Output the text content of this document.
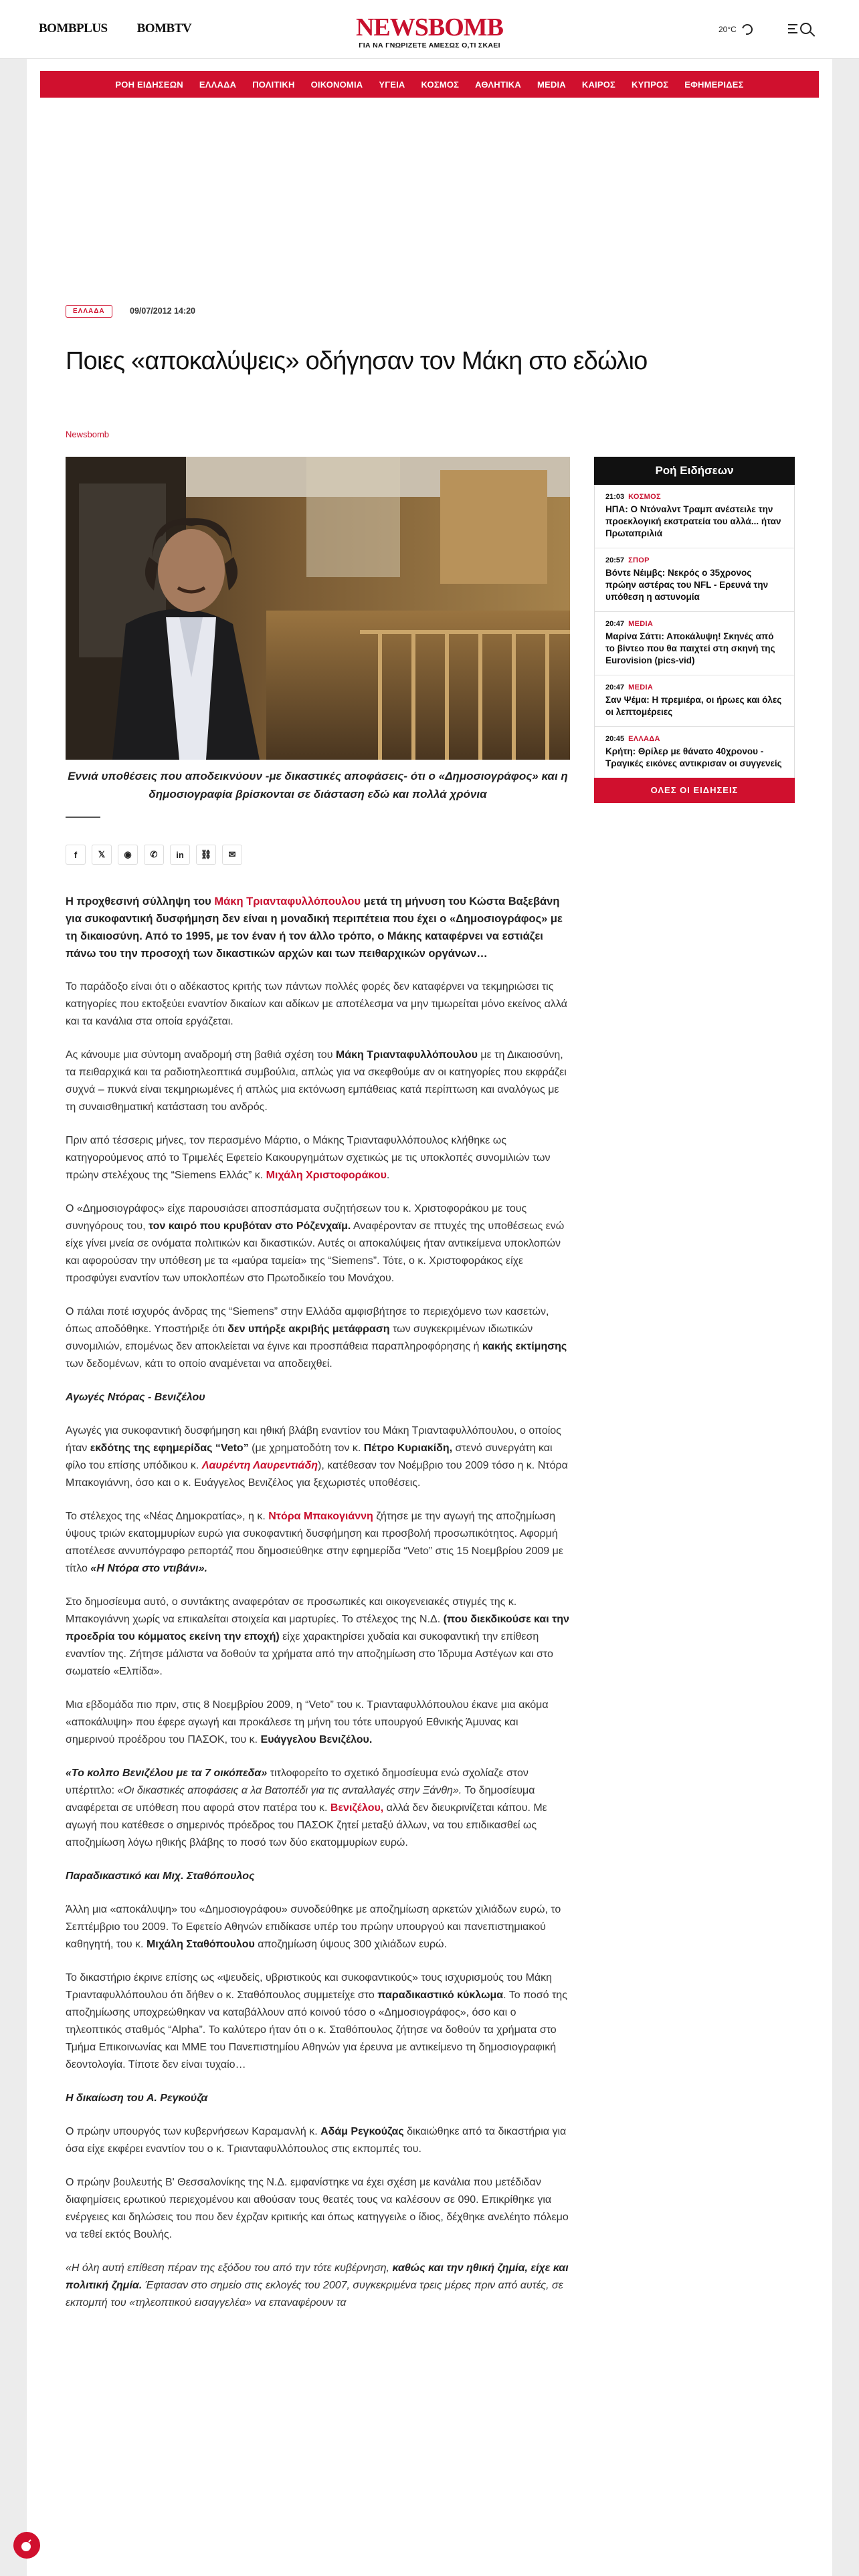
BOMBPLUS BOMBTV	NEWSBOMB
ΓΙΑ ΝΑ ΓΝΩΡΙΖΕΤΕ ΑΜΕΣΩΣ Ο,ΤΙ ΣΚΑΕΙ
20°C
ΡΟΗ ΕΙΔΗΣΕΩΝ	ΕΛΛΑΔΑ	ΠΟΛΙΤΙΚΗ	ΟΙΚΟΝΟΜΙΑ	ΥΓΕΙΑ	ΚΟΣΜΟΣ	ΑΘΛΗΤΙΚΑ	MEDIA	ΚΑΙΡΟΣ	ΚΥΠΡΟΣ	ΕΦΗΜΕΡΙΔΕΣ
ΕΛΛΑΔΑ	09/07/2012 14:20
Ποιες «αποκαλύψεις» οδήγησαν τον Μάκη στο εδώλιο
Newsbomb

Εννιά υποθέσεις που αποδεικνύουν -με δικαστικές αποφάσεις- ότι ο «Δημοσιογράφος» και η δημοσιογραφία βρίσκονται σε διάσταση εδώ και πολλά χρόνια

f	𝕏	◉	✆	in	⛓	✉

Η προχθεσινή σύλληψη του Μάκη Τριανταφυλλόπουλου μετά τη μήνυση του Κώστα Βαξεβάνη για συκοφαντική δυσφήμηση δεν είναι η μοναδική περιπέτεια που έχει ο «Δημοσιογράφος» με τη δικαιοσύνη. Από το 1995, με τον έναν ή τον άλλο τρόπο, ο Μάκης καταφέρνει να εστιάζει πάνω του την προσοχή των δικαστικών αρχών και των πειθαρχικών οργάνων…

Το παράδοξο είναι ότι ο αδέκαστος κριτής των πάντων πολλές φορές δεν καταφέρνει να τεκμηριώσει τις κατηγορίες που εκτοξεύει εναντίον δικαίων και αδίκων με αποτέλεσμα να μην τιμωρείται μόνο εκείνος αλλά και τα κανάλια στα οποία εργάζεται.

Ας κάνουμε μια σύντομη αναδρομή στη βαθιά σχέση του Μάκη Τριανταφυλλόπουλου με τη Δικαιοσύνη, τα πειθαρχικά και τα ραδιοτηλεοπτικά συμβούλια, απλώς για να σκεφθούμε αν οι κατηγορίες που εκφράζει συχνά – πυκνά είναι τεκμηριωμένες ή απλώς μια εκτόνωση εμπάθειας κατά περίπτωση και αναλόγως με τη συναισθηματική κατάσταση του ανδρός.

Πριν από τέσσερις μήνες, τον περασμένο Μάρτιο, ο Μάκης Τριανταφυλλόπουλος κλήθηκε ως κατηγορούμενος από το Τριμελές Εφετείο Κακουργημάτων σχετικώς με τις υποκλοπές συνομιλιών των πρώην στελέχους της “Siemens Ελλάς” κ. Μιχάλη Χριστοφοράκου.

Ο «Δημοσιογράφος» είχε παρουσιάσει αποσπάσματα συζητήσεων του κ. Χριστοφοράκου με τους συνηγόρους του, τον καιρό που κρυβόταν στο Ρόζενχαϊμ. Αναφέρονταν σε πτυχές της υποθέσεως ενώ είχε γίνει μνεία σε ονόματα πολιτικών και δικαστικών. Αυτές οι αποκαλύψεις ήταν αντικείμενα υποκλοπών και αφορούσαν την υπόθεση με τα «μαύρα ταμεία» της “Siemens”. Τότε, ο κ. Χριστοφοράκος είχε προσφύγει εναντίον των υποκλοπέων στο Πρωτοδικείο του Μονάχου.

Ο πάλαι ποτέ ισχυρός άνδρας της “Siemens” στην Ελλάδα αμφισβήτησε το περιεχόμενο των κασετών, όπως αποδόθηκε. Υποστήριξε ότι δεν υπήρξε ακριβής μετάφραση των συγκεκριμένων ιδιωτικών συνομιλιών, επομένως δεν αποκλείεται να έγινε και προσπάθεια παραπληροφόρησης ή κακής εκτίμησης των δεδομένων, κάτι το οποίο αναμένεται να αποδειχθεί.

Αγωγές Ντόρας - Βενιζέλου

Αγωγές για συκοφαντική δυσφήμηση και ηθική βλάβη εναντίον του Μάκη Τριανταφυλλόπουλου, ο οποίος ήταν εκδότης της εφημερίδας “Veto” (με χρηματοδότη τον κ. Πέτρο Κυριακίδη, στενό συνεργάτη και φίλο του επίσης υπόδικου κ. Λαυρέντη Λαυρεντιάδη), κατέθεσαν τον Νοέμβριο του 2009 τόσο η κ. Ντόρα Μπακογιάννη, όσο και ο κ. Ευάγγελος Βενιζέλος για ξεχωριστές υποθέσεις.

Το στέλεχος της «Νέας Δημοκρατίας», η κ. Ντόρα Μπακογιάννη ζήτησε με την αγωγή της αποζημίωση ύψους τριών εκατομμυρίων ευρώ για συκοφαντική δυσφήμηση και προσβολή προσωπικότητος. Αφορμή αποτέλεσε αννυπόγραφο ρεπορτάζ που δημοσιεύθηκε στην εφημερίδα “Veto” στις 15 Νοεμβρίου 2009 με τίτλο «Η Ντόρα στο ντιβάνι».

Στο δημοσίευμα αυτό, ο συντάκτης αναφερόταν σε προσωπικές και οικογενειακές στιγμές της κ. Μπακογιάννη χωρίς να επικαλείται στοιχεία και μαρτυρίες. Το στέλεχος της Ν.Δ. (που διεκδικούσε και την προεδρία του κόμματος εκείνη την εποχή) είχε χαρακτηρίσει χυδαία και συκοφαντική την επίθεση εναντίον της. Ζήτησε μάλιστα να δοθούν τα χρήματα από την αποζημίωση στο Ίδρυμα Αστέγων και στο σωματείο «Ελπίδα».

Μια εβδομάδα πιο πριν, στις 8 Νοεμβρίου 2009, η “Veto” του κ. Τριανταφυλλόπουλου έκανε μια ακόμα «αποκάλυψη» που έφερε αγωγή και προκάλεσε τη μήνη του τότε υπουργού Εθνικής Άμυνας και σημερινού προέδρου του ΠΑΣΟΚ, του κ. Ευάγγελου Βενιζέλου.

«Το κολπο Βενιζέλου με τα 7 οικόπεδα» τιτλοφορείτο το σχετικό δημοσίευμα ενώ σχολίαζε στον υπέρτιτλο: «Οι δικαστικές αποφάσεις α λα Βατοπέδι για τις ανταλλαγές στην Ξάνθη». Το δημοσίευμα αναφέρεται σε υπόθεση που αφορά στον πατέρα του κ. Βενιζέλου, αλλά δεν διευκρινίζεται κάπου. Με αγωγή που κατέθεσε ο σημερινός πρόεδρος του ΠΑΣΟΚ ζητεί μεταξύ άλλων, να του επιδικασθεί ως αποζημίωση λόγω ηθικής βλάβης το ποσό των δύο εκατομμυρίων ευρώ.

Παραδικαστικό και Μιχ. Σταθόπουλος

Άλλη μια «αποκάλυψη» του «Δημοσιογράφου» συνοδεύθηκε με αποζημίωση αρκετών χιλιάδων ευρώ, το Σεπτέμβριο του 2009. Το Εφετείο Αθηνών επιδίκασε υπέρ του πρώην υπουργού και πανεπιστημιακού καθηγητή, του κ. Μιχάλη Σταθόπουλου αποζημίωση ύψους 300 χιλιάδων ευρώ.

Το δικαστήριο έκρινε επίσης ως «ψευδείς, υβριστικούς και συκοφαντικούς» τους ισχυρισμούς του Μάκη Τριανταφυλλόπουλου ότι δήθεν ο κ. Σταθόπουλος συμμετείχε στο παραδικαστικό κύκλωμα. Το ποσό της αποζημίωσης υποχρεώθηκαν να καταβάλλουν από κοινού τόσο ο «Δημοσιογράφος», όσο και ο τηλεοπτικός σταθμός “Alpha”. Το καλύτερο ήταν ότι ο κ. Σταθόπουλος ζήτησε να δοθούν τα χρήματα στο Τμήμα Επικοινωνίας και ΜΜΕ του Πανεπιστημίου Αθηνών για έρευνα με αντικείμενο τη δημοσιογραφική δεοντολογία. Τίποτε δεν είναι τυχαίο…

Η δικαίωση του Α. Ρεγκούζα

Ο πρώην υπουργός των κυβερνήσεων Καραμανλή κ. Αδάμ Ρεγκούζας δικαιώθηκε από τα δικαστήρια για όσα είχε εκφέρει εναντίον του ο κ. Τριανταφυλλόπουλος στις εκπομπές του.

Ο πρώην βουλευτής Β' Θεσσαλονίκης της Ν.Δ. εμφανίστηκε να έχει σχέση με κανάλια που μετέδιδαν διαφημίσεις ερωτικού περιεχομένου και αθούσαν τους θεατές τους να καλέσουν σε 090. Επικρίθηκε για ενέργειες και δηλώσεις του που δεν έχρζαν κριτικής και όπως κατηγγειλε ο ίδιος, δέχθηκε ανελέητο πόλεμο να τεθεί εκτός Βουλής.

«Η όλη αυτή επίθεση πέραν της εξόδου του από την τότε κυβέρνηση, καθώς και την ηθική ζημία, είχε και πολιτική ζημία. Έφτασαν στο σημείο στις εκλογές του 2007, συγκεκριμένα τρεις μέρες πριν από αυτές, σε εκπομπή του «τηλεοπτικού εισαγγελέα» να επαναφέρουν τα

Ροή Ειδήσεων
21:03 ΚΟΣΜΟΣ
ΗΠΑ: Ο Ντόναλντ Τραμπ ανέστειλε την προεκλογική εκστρατεία του αλλά... ήταν Πρωταπριλιά
20:57 ΣΠΟΡ
Βόντε Νέιμβς: Νεκρός ο 35χρονος πρώην αστέρας του NFL - Ερευνά την υπόθεση η αστυνομία
20:47 MEDIA
Μαρίνα Σάττι: Αποκάλυψη! Σκηνές από το βίντεο που θα παιχτεί στη σκηνή της Eurovision (pics-vid)
20:47 MEDIA
Σαν Ψέμα: Η πρεμιέρα, οι ήρωες και όλες οι λεπτομέρειες
20:45 ΕΛΛΑΔΑ
Κρήτη: Θρίλερ με θάνατο 40χρονου - Τραγικές εικόνες αντικρισαν οι συγγενείς
ΟΛΕΣ ΟΙ ΕΙΔΗΣΕΙΣ
